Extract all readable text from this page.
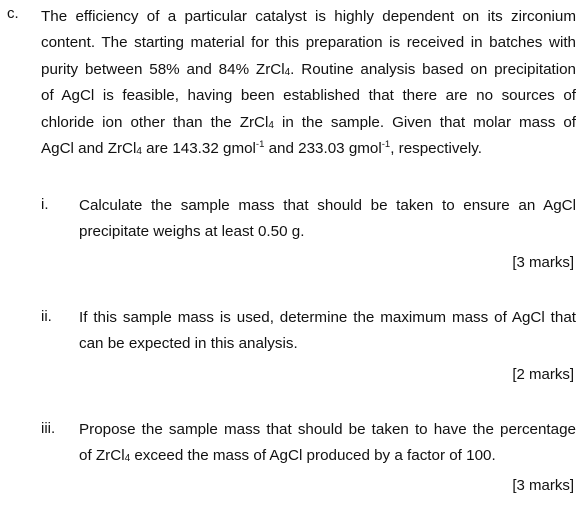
c. The efficiency of a particular catalyst is highly dependent on its zirconium
content. The starting material for this preparation is received in batches with
purity between 58% and 84% ZrCl$_4$. Routine analysis based on precipitation
of AgCl is feasible, having been established that there are no sources of
chloride ion other than the ZrCl$_4$ in the sample. Given that molar mass of
AgCl and ZrCl$_4$ are 143.32 gmol$^{-1}$ and 233.03 gmol$^{-1}$, respectively.

i. Calculate the sample mass that should be taken to ensure an AgCl
precipitate weighs at least 0.50 g.

[3 marks]
ii. If this sample mass is used, determine the maximum mass of AgCl that
can be expected in this analysis.

[2 marks]
iii. Propose the sample mass that should be taken to have the percentage
of ZrCl$_4$ exceed the mass of AgCl produced by a factor of 100.

[3 marks]
